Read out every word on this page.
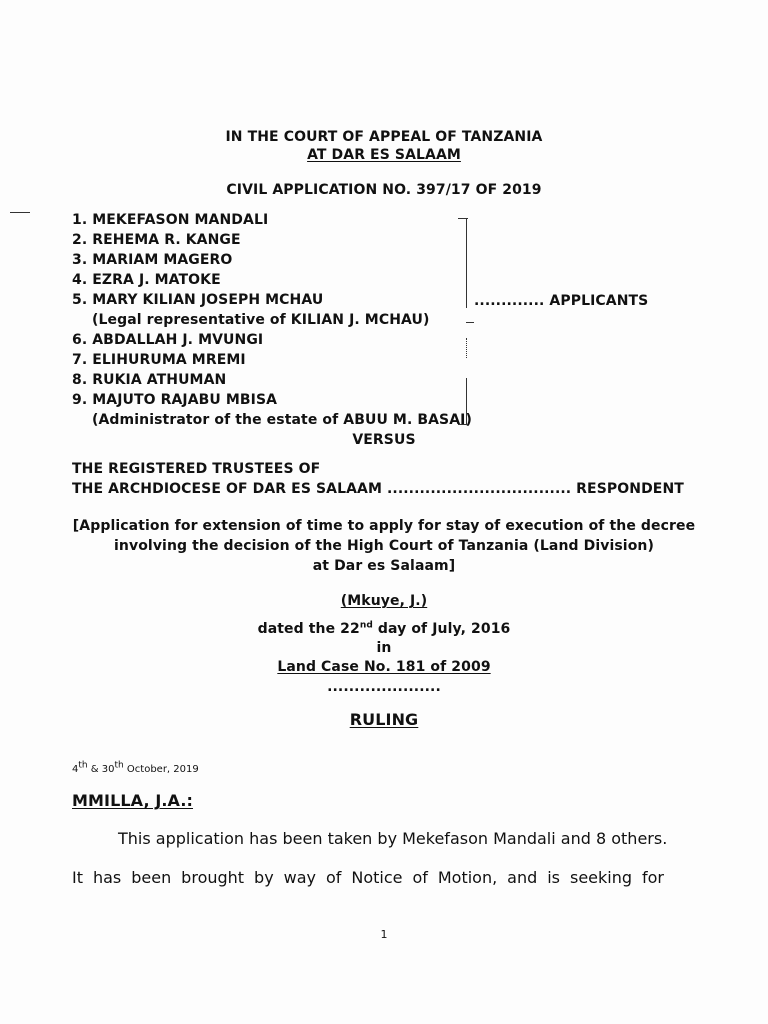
IN THE COURT OF APPEAL OF TANZANIA
AT DAR ES SALAAM
CIVIL APPLICATION NO. 397/17 OF 2019
1. MEKEFASON MANDALI
2. REHEMA R. KANGE
3. MARIAM MAGERO
4. EZRA J. MATOKE
5. MARY KILIAN JOSEPH MCHAU
(Legal representative of KILIAN J. MCHAU)
6. ABDALLAH J. MVUNGI
7. ELIHURUMA MREMI
8. RUKIA ATHUMAN
9. MAJUTO RAJABU MBISA
(Administrator of the estate of ABUU M. BASAI)
............. APPLICANTS
VERSUS
THE REGISTERED TRUSTEES OF
THE ARCHDIOCESE OF DAR ES SALAAM .................................. RESPONDENT
[Application for extension of time to apply for stay of execution of the decree
involving the decision of the High Court of Tanzania (Land Division)
at Dar es Salaam]
(Mkuye, J.)
dated the 22nd day of July, 2016
in
Land Case No. 181 of 2009
.....................
RULING
4th & 30th October, 2019
MMILLA, J.A.:
This application has been taken by Mekefason Mandali and 8 others.
It has been brought by way of Notice of Motion, and is seeking for
1
